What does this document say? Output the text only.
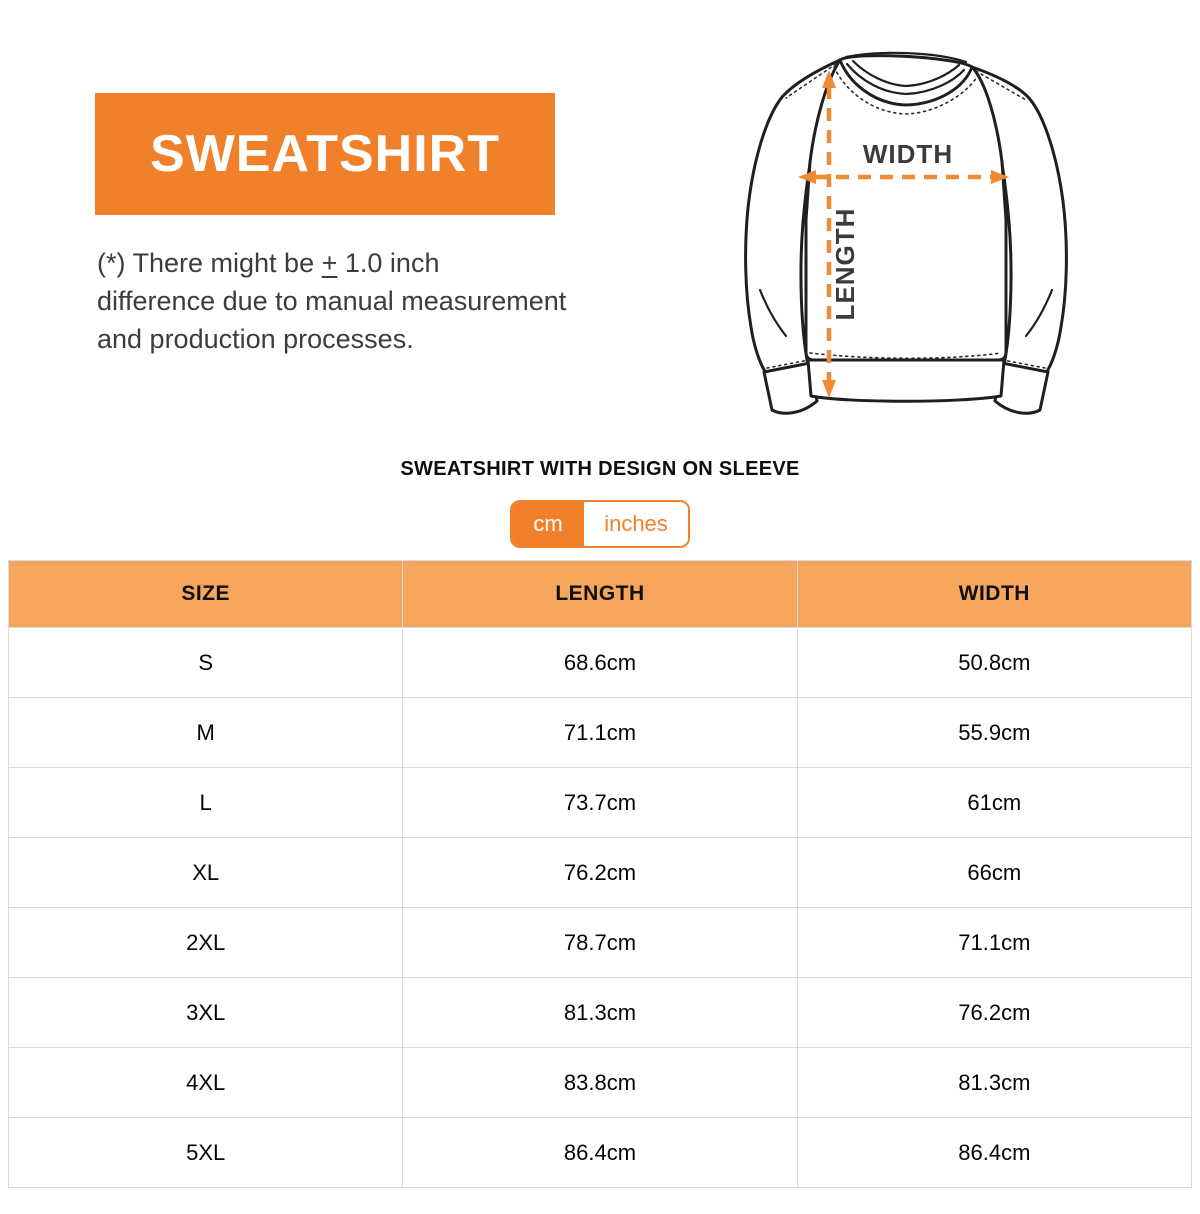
SWEATSHIRT
(*) There might be + 1.0 inch
difference due to manual measurement
and production processes.
WIDTH
LENGTH
SWEATSHIRT WITH DESIGN ON SLEEVE
cm	inches
SIZE	LENGTH	WIDTH
S	68.6cm	50.8cm
M	71.1cm	55.9cm
L	73.7cm	61cm
XL	76.2cm	66cm
2XL	78.7cm	71.1cm
3XL	81.3cm	76.2cm
4XL	83.8cm	81.3cm
5XL	86.4cm	86.4cm
